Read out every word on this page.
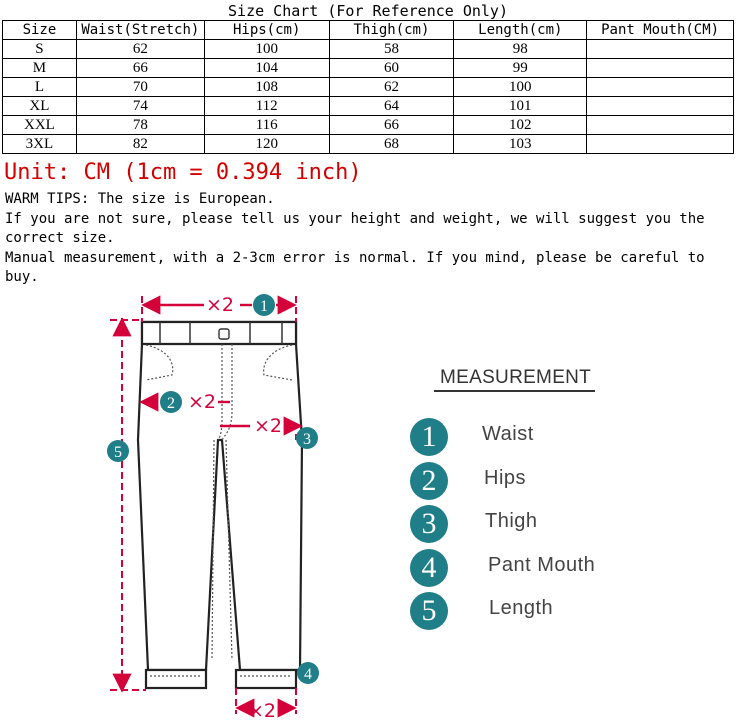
Size Chart (For Reference Only)
Size	Waist(Stretch)	Hips(cm)	Thigh(cm)	Length(cm)	Pant Mouth(CM)
S	62	100	58	98	
M	66	104	60	99	
L	70	108	62	100	
XL	74	112	64	101	
XXL	78	116	66	102	
3XL	82	120	68	103	
Unit: CM (1cm = 0.394 inch)
WARM TIPS: The size is European.
If you are not sure, please tell us your height and weight, we will suggest you the correct size.
Manual measurement, with a 2-3cm error is normal. If you mind, please be careful to buy.
×2
×2
×2
×2
1
2
3
4
5
MEASUREMENT
1	Waist
2	Hips
3	Thigh
4	Pant Mouth
5	Length
